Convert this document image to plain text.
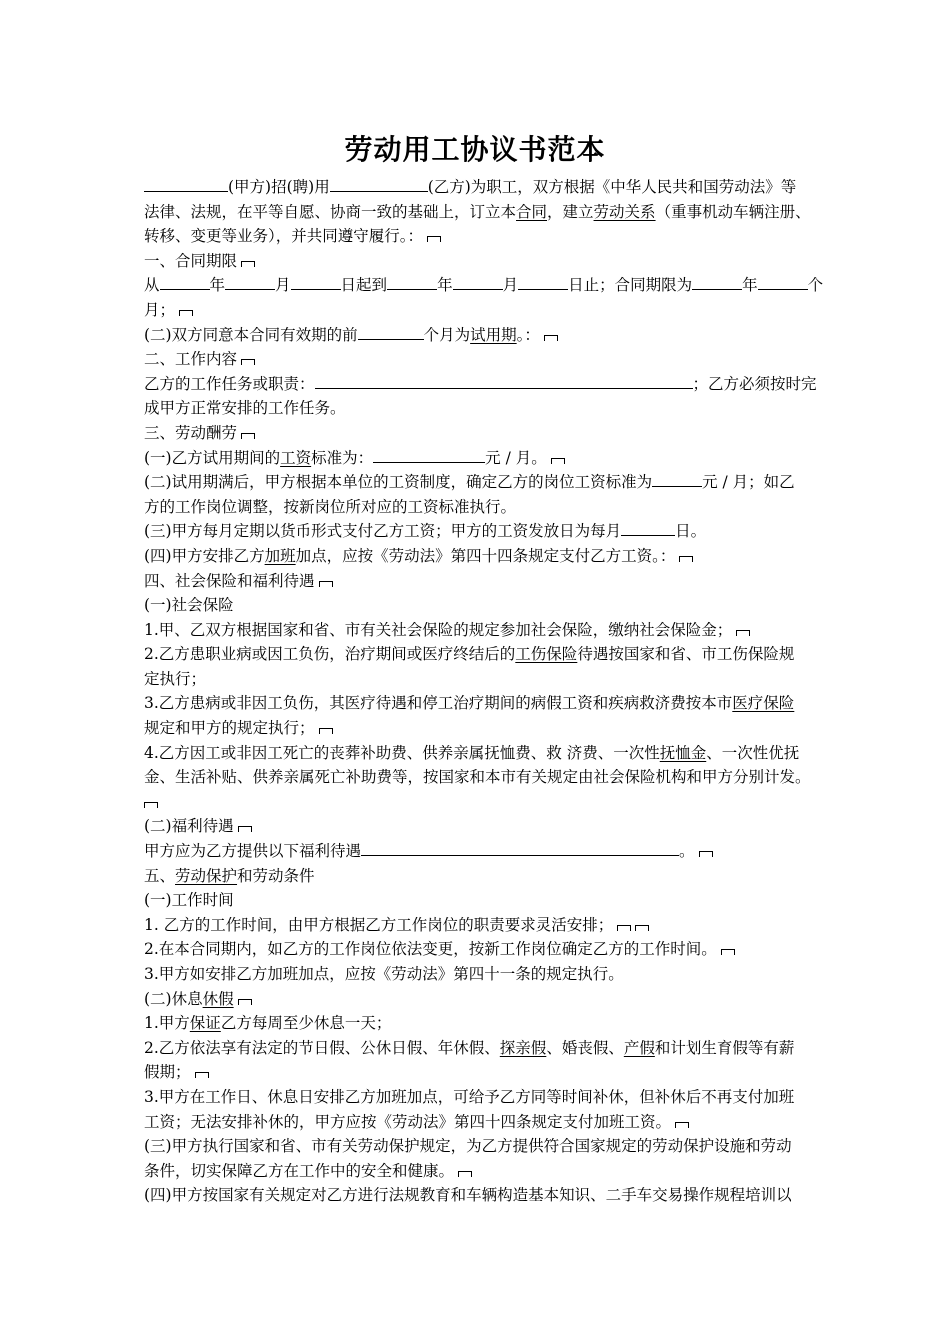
劳动用工协议书范本
(甲方)招(聘)用	(乙方)为职工，双方根据《中华人民共和国劳动法》等
法律、法规，在平等自愿、协商一致的基础上，订立本合同，建立劳动关系（重事机动车辆注册、
转移、变更等业务），并共同遵守履行。：
一、合同期限
从	年	月	日起到	年	月	日止；合同期限为	年	个
月；
(二)双方同意本合同有效期的前	个月为试用期。：
二、工作内容
乙方的工作任务或职责：	；乙方必须按时完
成甲方正常安排的工作任务。
三、劳动酬劳
(一)乙方试用期间的工资标准为：	元 / 月。
(二)试用期满后，甲方根据本单位的工资制度，确定乙方的岗位工资标准为	元 / 月；如乙
方的工作岗位调整，按新岗位所对应的工资标准执行。
(三)甲方每月定期以货币形式支付乙方工资；甲方的工资发放日为每月	日。
(四)甲方安排乙方加班加点，应按《劳动法》第四十四条规定支付乙方工资。：
四、社会保险和福利待遇
(一)社会保险
1.甲、乙双方根据国家和省、市有关社会保险的规定参加社会保险，缴纳社会保险金；
2.乙方患职业病或因工负伤，治疗期间或医疗终结后的工伤保险待遇按国家和省、市工伤保险规
定执行；
3.乙方患病或非因工负伤，其医疗待遇和停工治疗期间的病假工资和疾病救济费按本市医疗保险
规定和甲方的规定执行；
4.乙方因工或非因工死亡的丧葬补助费、供养亲属抚恤费、救 济费、一次性抚恤金、一次性优抚
金、生活补贴、供养亲属死亡补助费等，按国家和本市有关规定由社会保险机构和甲方分别计发。
(二)福利待遇
甲方应为乙方提供以下福利待遇	。
五、劳动保护和劳动条件
(一)工作时间
1. 乙方的工作时间，由甲方根据乙方工作岗位的职责要求灵活安排；
2.在本合同期内，如乙方的工作岗位依法变更，按新工作岗位确定乙方的工作时间。
3.甲方如安排乙方加班加点，应按《劳动法》第四十一条的规定执行。
(二)休息休假
1.甲方保证乙方每周至少休息一天；
2.乙方依法享有法定的节日假、公休日假、年休假、探亲假、婚丧假、产假和计划生育假等有薪
假期；
3.甲方在工作日、休息日安排乙方加班加点，可给予乙方同等时间补休，但补休后不再支付加班
工资；无法安排补休的，甲方应按《劳动法》第四十四条规定支付加班工资。
(三)甲方执行国家和省、市有关劳动保护规定，为乙方提供符合国家规定的劳动保护设施和劳动
条件，切实保障乙方在工作中的安全和健康。
(四)甲方按国家有关规定对乙方进行法规教育和车辆构造基本知识、二手车交易操作规程培训以
